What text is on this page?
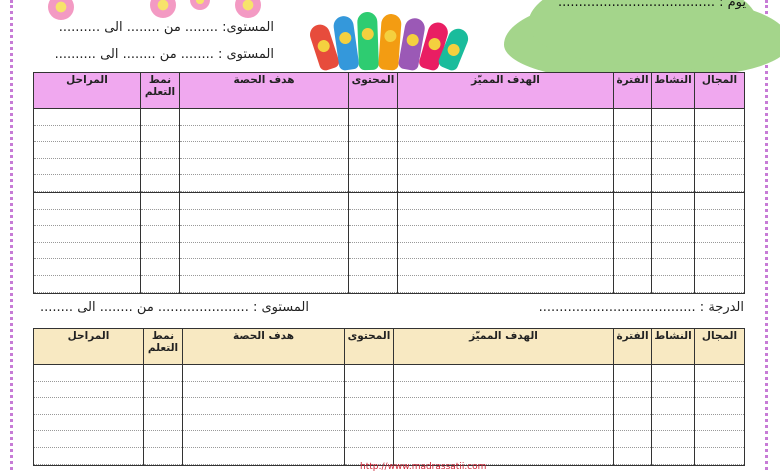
يوم : ......................................
المستوى: ........ من ........ الى ..........
المستوى : ........ من ........ الى ..........
المجال	النشاط	الفترة	الهدف المميّز	المحتوى	هدف الحصة	نمط التعلم	المراحل

الدرجة : ......................................
المستوى : ...................... من ........ الى ........
المجال	النشاط	الفترة	الهدف المميّز	المحتوى	هدف الحصة	نمط التعلم	المراحل

http://www.madrassatii.com
